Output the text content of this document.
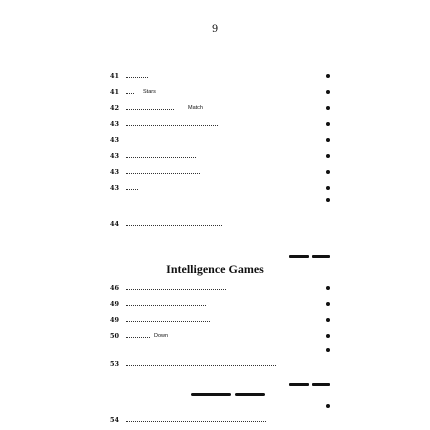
9
41
41	Stars
42	Match
43
43
43
43
43
44
Intelligence Games
46
49
49
50	Down
53
54
